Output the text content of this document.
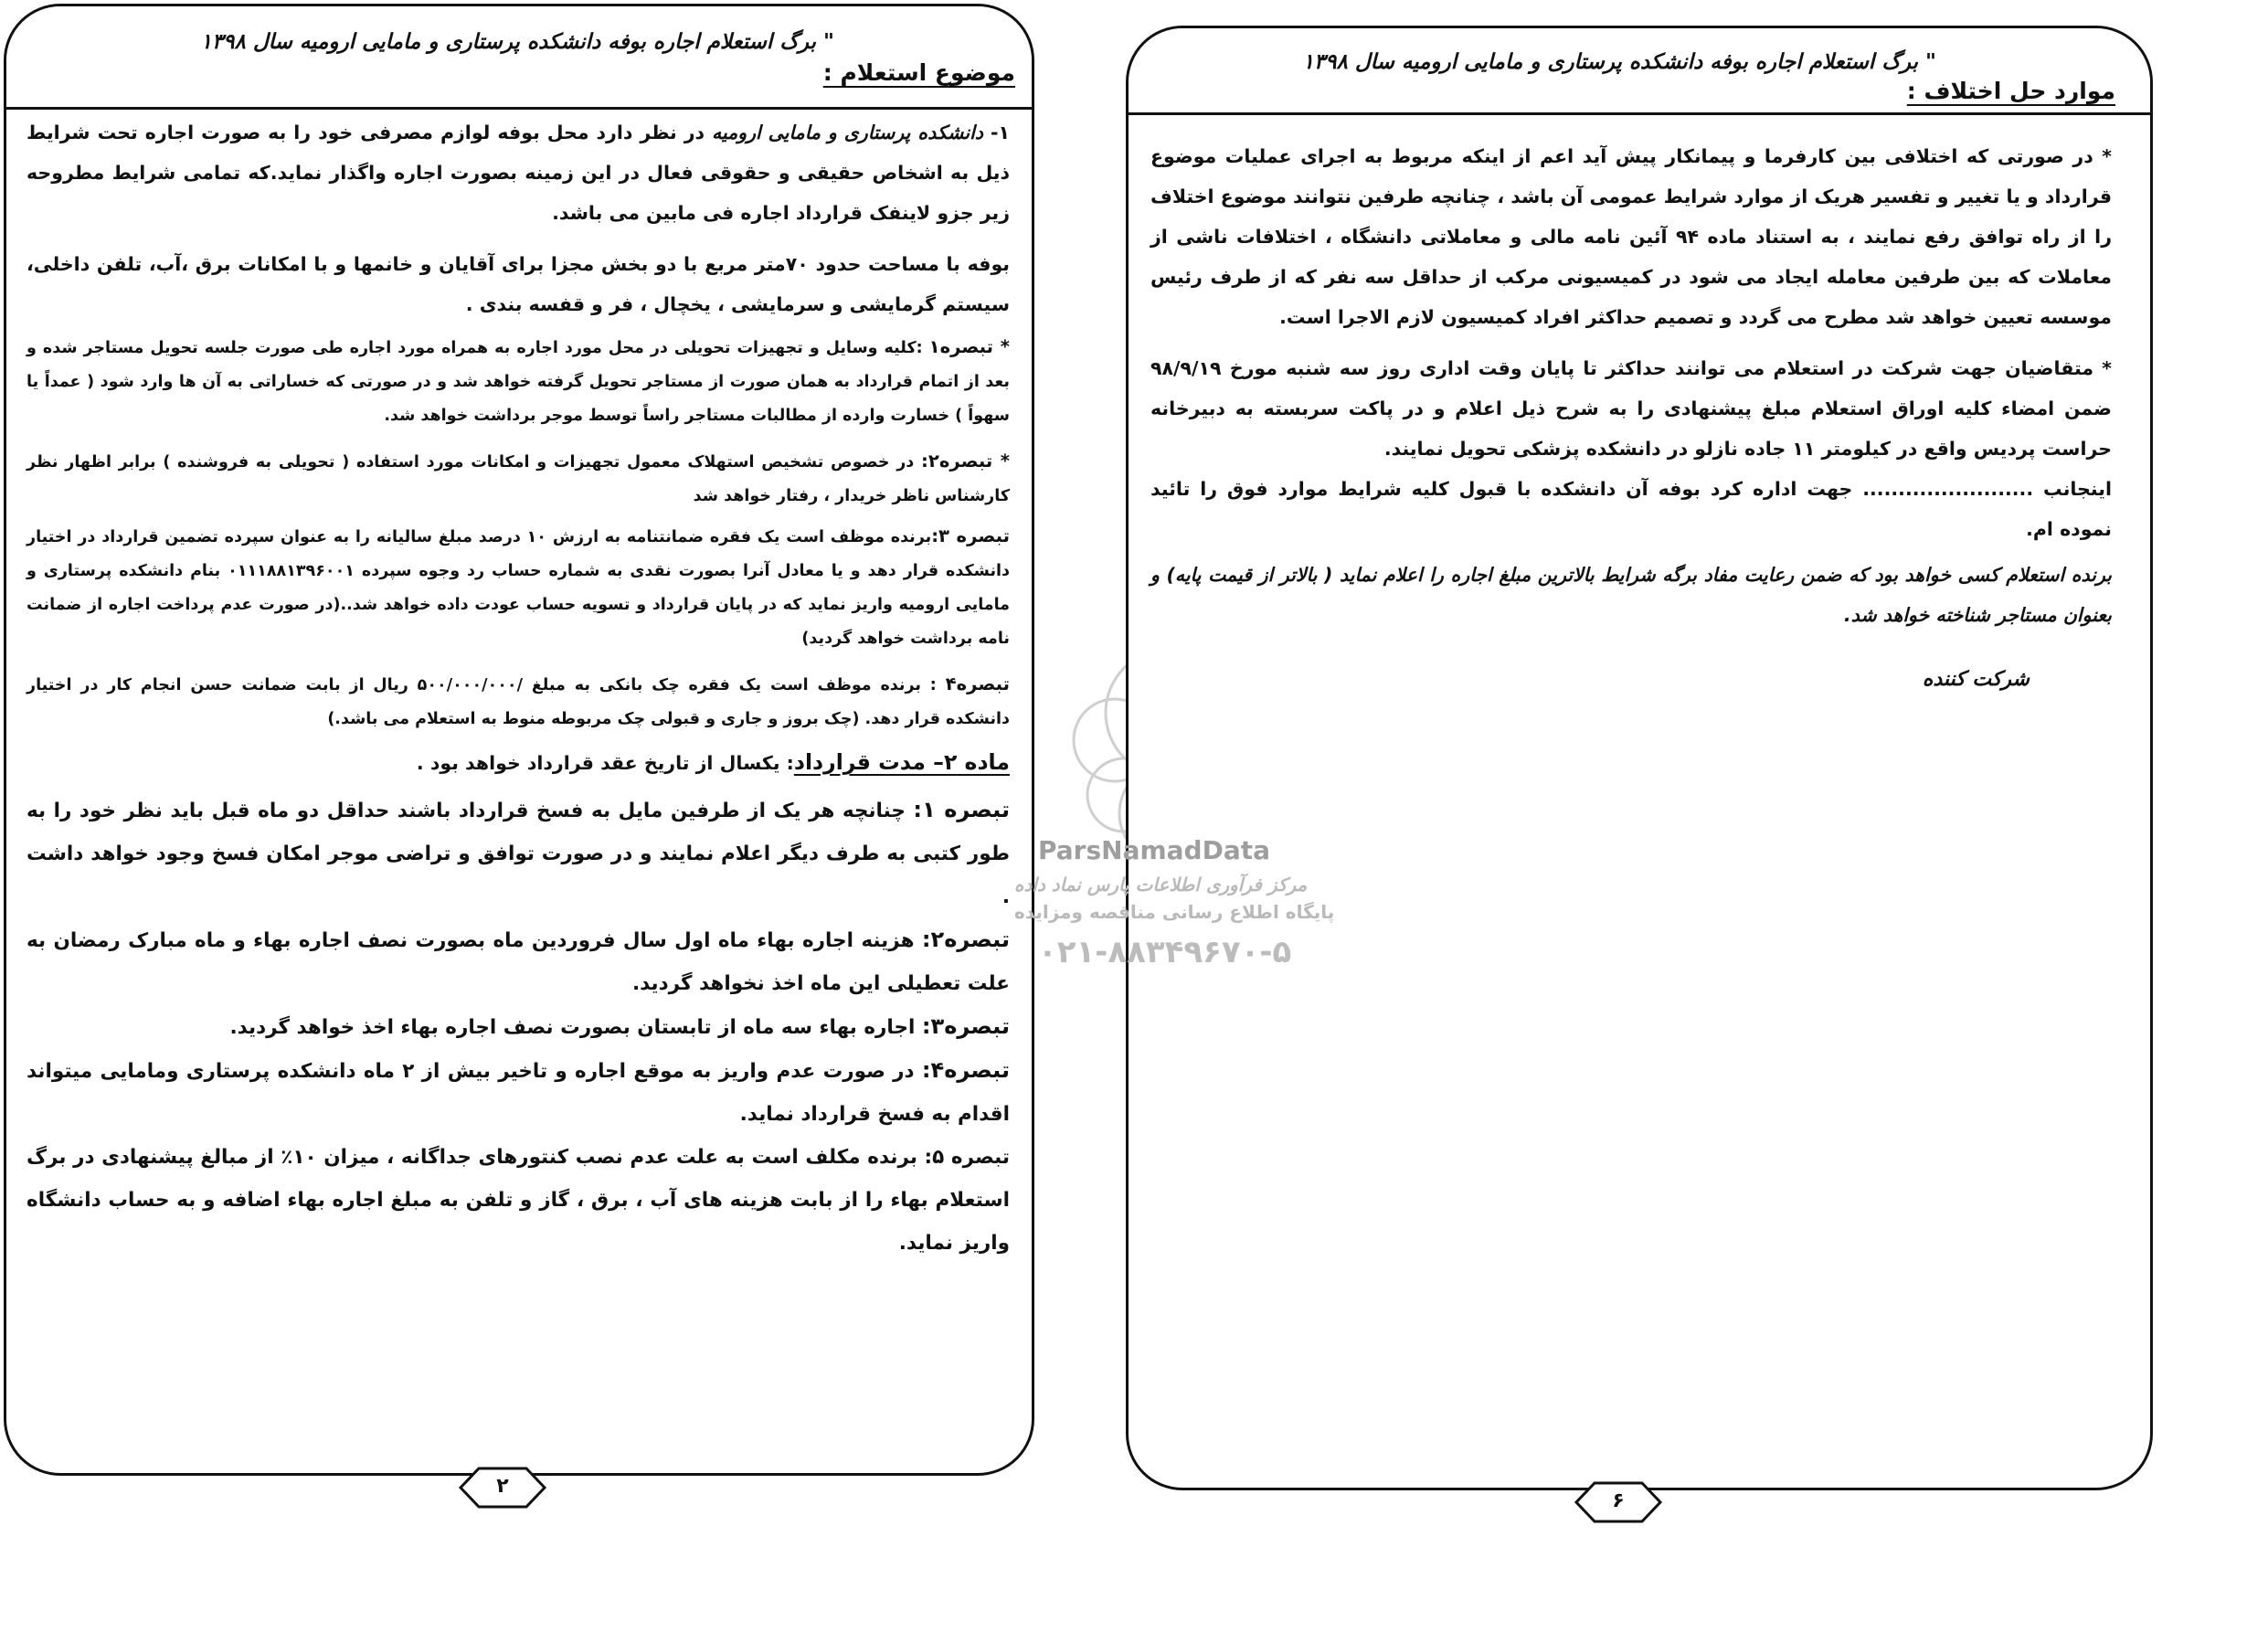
" برگ استعلام اجاره بوفه دانشکده پرستاری و مامایی ارومیه سال ۱۳۹۸
موضوع استعلام :

۱- دانشکده پرستاری و مامایی ارومیه در نظر دارد محل بوفه لوازم مصرفی خود را به صورت اجاره تحت شرایط ذیل به اشخاص حقیقی و حقوقی فعال در این زمینه بصورت اجاره واگذار نماید.که تمامی شرایط مطروحه زیر جزو لاینفک قرارداد اجاره فی مابین می باشد.

بوفه با مساحت حدود ۷۰متر مربع با دو بخش مجزا برای آقایان و خانمها و با امکانات برق ،آب، تلفن داخلی، سیستم گرمایشی و سرمایشی ، یخچال ، فر و قفسه بندی .

* تبصره۱ :کلیه وسایل و تجهیزات تحویلی در محل مورد اجاره به همراه مورد اجاره طی صورت جلسه تحویل مستاجر شده و بعد از اتمام قرارداد به همان صورت از مستاجر تحویل گرفته خواهد شد و در صورتی که خساراتی به آن ها وارد شود ( عمداً یا سهواً ) خسارت وارده از مطالبات مستاجر راساً توسط موجر برداشت خواهد شد.

* تبصره۲: در خصوص تشخیص استهلاک معمول تجهیزات و امکانات مورد استفاده ( تحویلی به فروشنده ) برابر اظهار نظر کارشناس ناظر خریدار ، رفتار خواهد شد

تبصره ۳:برنده موظف است یک فقره ضمانتنامه به ارزش ۱۰ درصد مبلغ سالیانه را به عنوان سپرده تضمین قرارداد در اختیار دانشکده قرار دهد و یا معادل آنرا بصورت نقدی به شماره حساب رد وجوه سپرده ۰۱۱۱۸۸۱۳۹۶۰۰۱ بنام دانشکده پرستاری و مامایی ارومیه واریز نماید که در پایان قرارداد و تسویه حساب عودت داده خواهد شد..(در صورت عدم پرداخت اجاره از ضمانت نامه برداشت خواهد گردید)

تبصره۴ : برنده موظف است یک فقره چک بانکی به مبلغ /۵۰۰/۰۰۰/۰۰۰ ریال از بابت ضمانت حسن انجام کار در اختیار دانشکده قرار دهد. (چک بروز و جاری و قبولی چک مربوطه منوط به استعلام می باشد.)

ماده ۲– مدت قرارداد: یکسال از تاریخ عقد قرارداد خواهد بود .

تبصره ۱: چنانچه هر یک از طرفین مایل به فسخ قرارداد باشند حداقل دو ماه قبل باید نظر خود را به طور کتبی به طرف دیگر اعلام نمایند و در صورت توافق و تراضی موجر امکان فسخ وجود خواهد داشت .

تبصره۲: هزینه اجاره بهاء ماه اول سال فروردین ماه بصورت نصف اجاره بهاء و ماه مبارک رمضان به علت تعطیلی این ماه اخذ نخواهد گردید.

تبصره۳: اجاره بهاء سه ماه از تابستان بصورت نصف اجاره بهاء اخذ خواهد گردید.

تبصره۴: در صورت عدم واریز به موقع اجاره و تاخیر بیش از ۲ ماه دانشکده پرستاری ومامایی میتواند اقدام به فسخ قرارداد نماید.

تبصره ۵: برنده مکلف است به علت عدم نصب کنتورهای جداگانه ، میزان ۱۰٪ از مبالغ پیشنهادی در برگ استعلام بهاء را از بابت هزینه های آب ، برق ، گاز و تلفن به مبلغ اجاره بهاء اضافه و به حساب دانشگاه واریز نماید.

۲
" برگ استعلام اجاره بوفه دانشکده پرستاری و مامایی ارومیه سال ۱۳۹۸
موارد حل اختلاف :

* در صورتی که اختلافی بین کارفرما و پیمانکار پیش آید اعم از اینکه مربوط به اجرای عملیات موضوع قرارداد و یا تغییر و تفسیر هریک از موارد شرایط عمومی آن باشد ، چنانچه طرفین نتوانند موضوع اختلاف را از راه توافق رفع نمایند ، به استناد ماده ۹۴ آئین نامه مالی و معاملاتی دانشگاه ، اختلافات ناشی از معاملات که بین طرفین معامله ایجاد می شود در کمیسیونی مرکب از حداقل سه نفر که از طرف رئیس موسسه تعیین خواهد شد مطرح می گردد و تصمیم حداکثر افراد کمیسیون لازم الاجرا است.

* متقاضیان جهت شرکت در استعلام می توانند حداکثر تا پایان وقت اداری روز سه شنبه مورخ ۹۸/۹/۱۹ ضمن امضاء کلیه اوراق استعلام مبلغ پیشنهادی را به شرح ذیل اعلام و در پاکت سربسته به دبیرخانه حراست پردیس واقع در کیلومتر ۱۱ جاده نازلو در دانشکده پزشکی تحویل نمایند.

اینجانب ........................ جهت اداره کرد بوفه آن دانشکده با قبول کلیه شرایط موارد فوق را تائید نموده ام.

برنده استعلام کسی خواهد بود که ضمن رعایت مفاد برگه شرایط بالاترین مبلغ اجاره را اعلام نماید ( بالاتر از قیمت پایه) و بعنوان مستاجر شناخته خواهد شد.

شرکت کننده
۶
ParsNamadData
مرکز فرآوری اطلاعات پارس نماد داده
پایگاه اطلاع رسانی مناقصه ومزایده
۰۲۱-۸۸۳۴۹۶۷۰-۵
